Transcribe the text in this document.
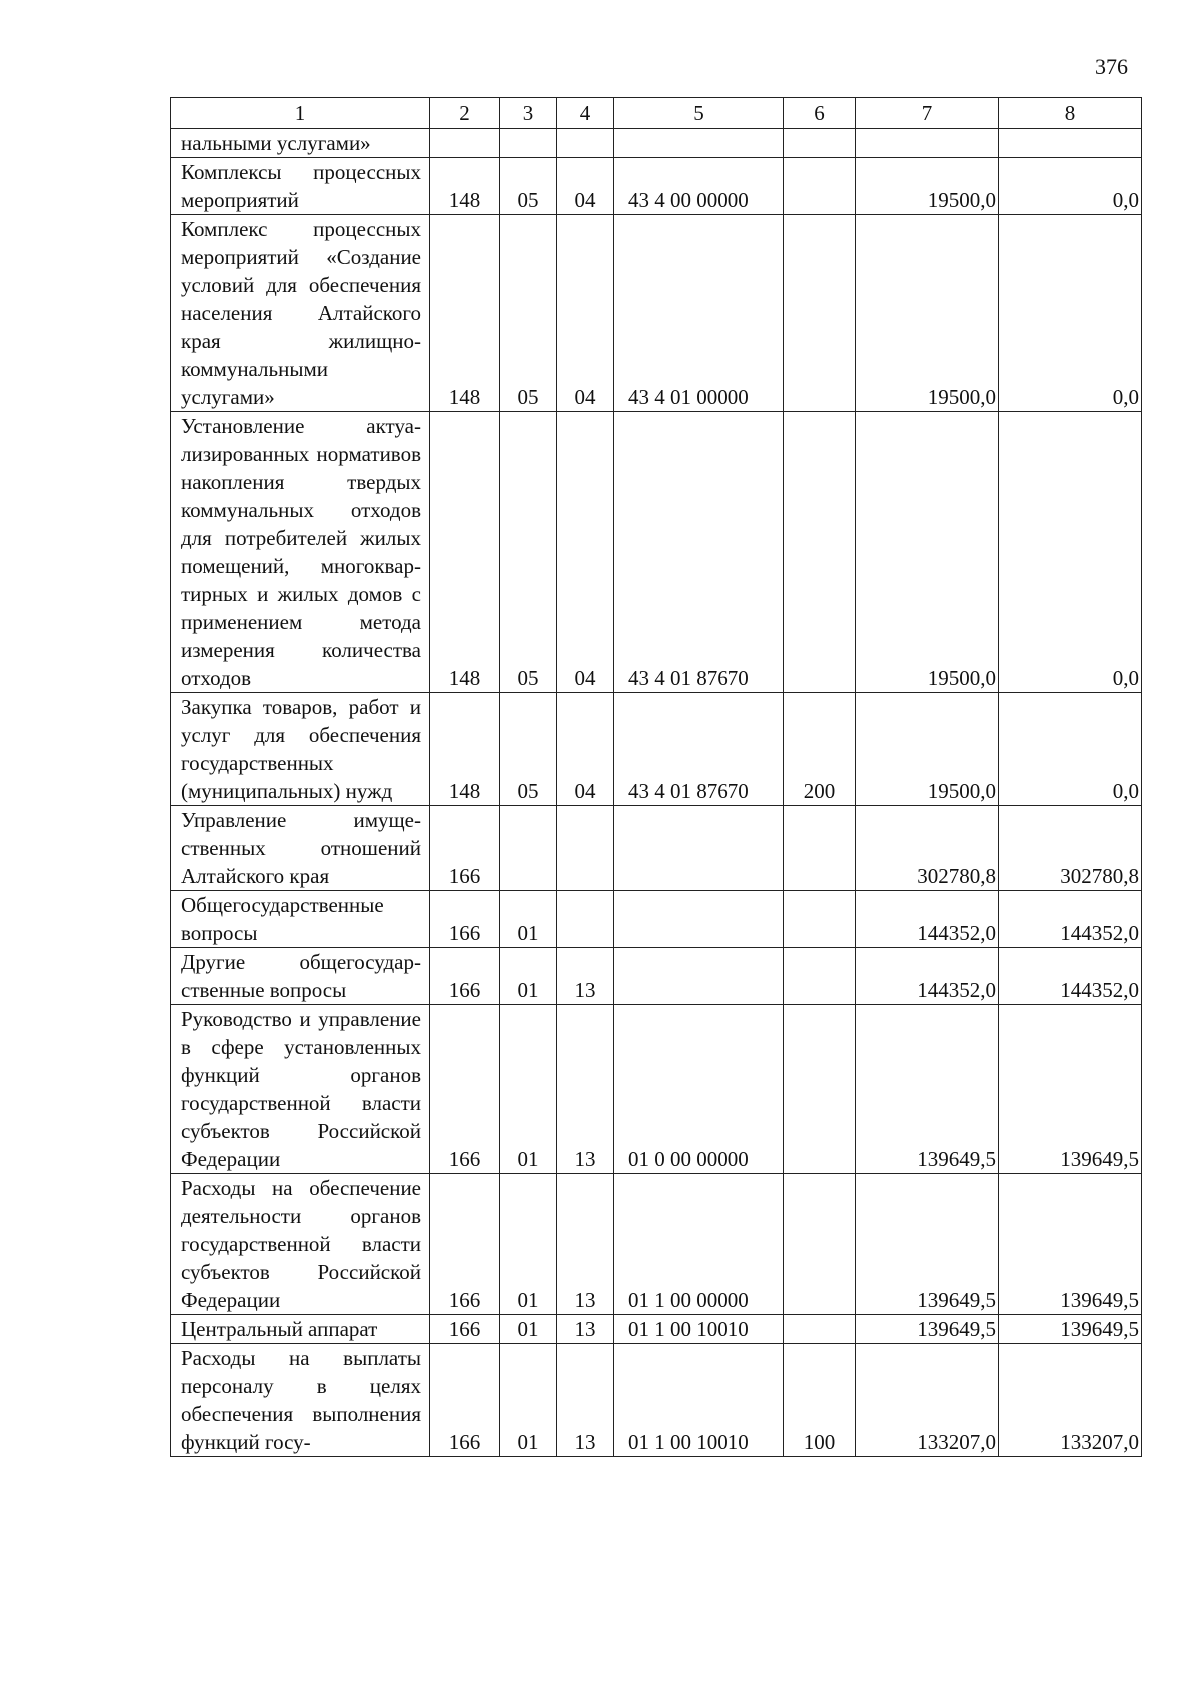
376
1	2	3	4	5	6	7	8
нальными услугами»							
Комплексы процессных мероприятий	148	05	04	43 4 00 00000		19500,0	0,0
Комплекс процессных мероприятий «Создание условий для обеспечения населения Алтайского края жилищно-коммунальными услугами»	148	05	04	43 4 01 00000		19500,0	0,0
Установление актуализированных нормативов накопления твердых коммунальных отходов для потребителей жилых помещений, многоквартирных и жилых домов с применением метода измерения количества отходов	148	05	04	43 4 01 87670		19500,0	0,0
Закупка товаров, работ и услуг для обеспечения государственных (муниципальных) нужд	148	05	04	43 4 01 87670	200	19500,0	0,0
Управление имущественных отношений Алтайского края	166					302780,8	302780,8
Общегосударственные вопросы	166	01				144352,0	144352,0
Другие общегосударственные вопросы	166	01	13			144352,0	144352,0
Руководство и управление в сфере установленных функций органов государственной власти субъектов Российской Федерации	166	01	13	01 0 00 00000		139649,5	139649,5
Расходы на обеспечение деятельности органов государственной власти субъектов Российской Федерации	166	01	13	01 1 00 00000		139649,5	139649,5
Центральный аппарат	166	01	13	01 1 00 10010		139649,5	139649,5
Расходы на выплаты персоналу в целях обеспечения выполнения функций госу-	166	01	13	01 1 00 10010	100	133207,0	133207,0
